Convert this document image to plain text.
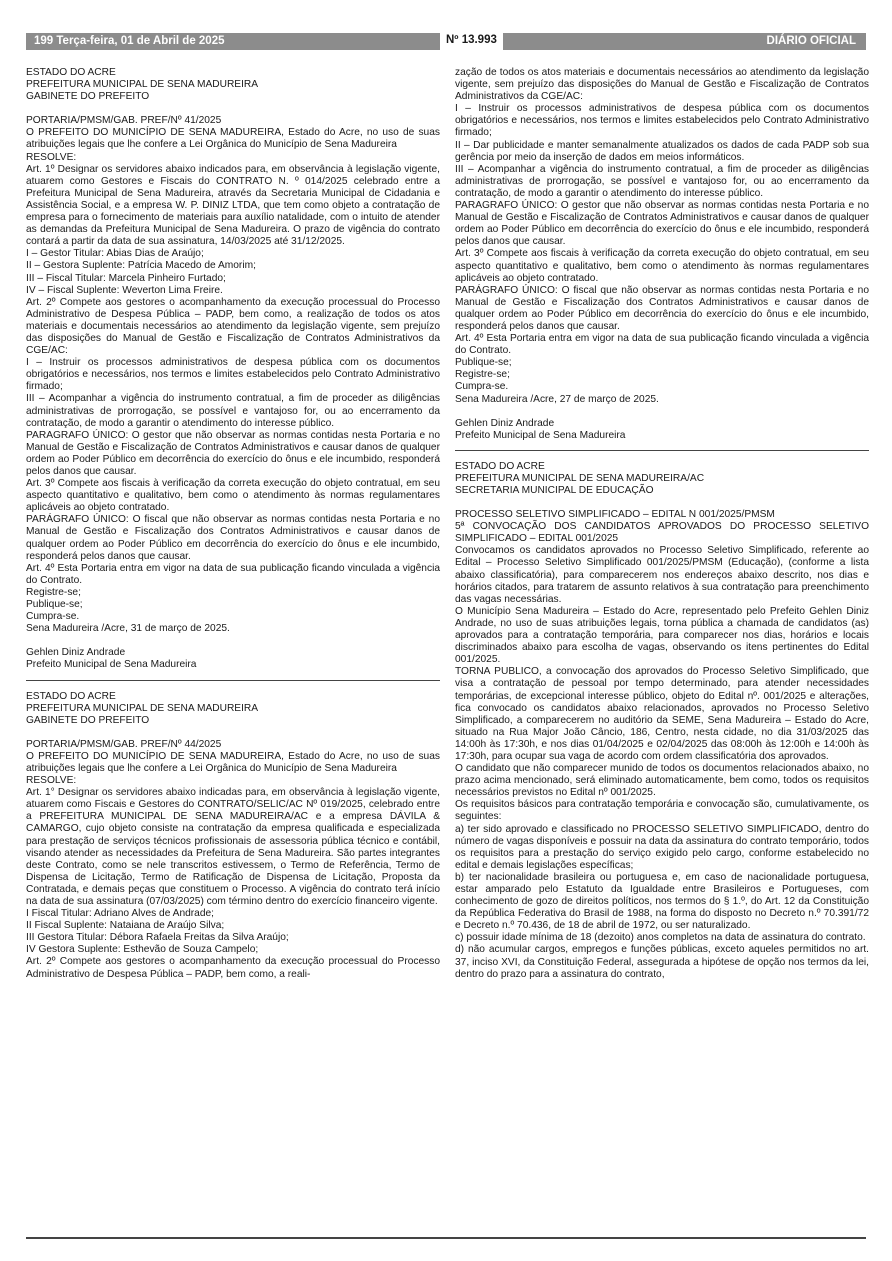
199 Terça-feira, 01 de Abril de 2025	Nº 13.993	DIÁRIO OFICIAL

ESTADO DO ACRE

PREFEITURA MUNICIPAL DE SENA MADUREIRA

GABINETE DO PREFEITO

PORTARIA/PMSM/GAB. PREF/Nº 41/2025

O PREFEITO DO MUNICÍPIO DE SENA MADUREIRA, Estado do Acre, no uso de suas atribuições legais que lhe confere a Lei Orgânica do Município de Sena Madureira

RESOLVE:

Art. 1º Designar os servidores abaixo indicados para, em observância à legislação vigente, atuarem como Gestores e Fiscais do CONTRATO N. º 014/2025 celebrado entre a Prefeitura Municipal de Sena Madureira, através da Secretaria Municipal de Cidadania e Assistência Social, e a empresa W. P. DINIZ LTDA, que tem como objeto a contratação de empresa para o fornecimento de materiais para auxílio natalidade, com o intuito de atender as demandas da Prefeitura Municipal de Sena Madureira. O prazo de vigência do contrato contará a partir da data de sua assinatura, 14/03/2025 até 31/12/2025.

I – Gestor Titular: Abias Dias de Araújo;

II – Gestora Suplente: Patrícia Macedo de Amorim;

III – Fiscal Titular: Marcela Pinheiro Furtado;

IV – Fiscal Suplente: Weverton Lima Freire.

Art. 2º Compete aos gestores o acompanhamento da execução processual do Processo Administrativo de Despesa Pública – PADP, bem como, a realização de todos os atos materiais e documentais necessários ao atendimento da legislação vigente, sem prejuízo das disposições do Manual de Gestão e Fiscalização de Contratos Administrativos da CGE/AC:

I – Instruir os processos administrativos de despesa pública com os documentos obrigatórios e necessários, nos termos e limites estabelecidos pelo Contrato Administrativo firmado;

III – Acompanhar a vigência do instrumento contratual, a fim de proceder as diligências administrativas de prorrogação, se possível e vantajoso for, ou ao encerramento da contratação, de modo a garantir o atendimento do interesse público.

PARAGRAFO ÚNICO: O gestor que não observar as normas contidas nesta Portaria e no Manual de Gestão e Fiscalização de Contratos Administrativos e causar danos de qualquer ordem ao Poder Público em decorrência do exercício do ônus e ele incumbido, responderá pelos danos que causar.

Art. 3º Compete aos fiscais à verificação da correta execução do objeto contratual, em seu aspecto quantitativo e qualitativo, bem como o atendimento às normas regulamentares aplicáveis ao objeto contratado.

PARÁGRAFO ÚNICO: O fiscal que não observar as normas contidas nesta Portaria e no Manual de Gestão e Fiscalização dos Contratos Administrativos e causar danos de qualquer ordem ao Poder Público em decorrência do exercício do ônus e ele incumbido, responderá pelos danos que causar.

Art. 4º Esta Portaria entra em vigor na data de sua publicação ficando vinculada a vigência do Contrato.

Registre-se;

Publique-se;

Cumpra-se.

Sena Madureira /Acre, 31 de março de 2025.

Gehlen Diniz Andrade

Prefeito Municipal de Sena Madureira

ESTADO DO ACRE

PREFEITURA MUNICIPAL DE SENA MADUREIRA

GABINETE DO PREFEITO

PORTARIA/PMSM/GAB. PREF/Nº 44/2025

O PREFEITO DO MUNICÍPIO DE SENA MADUREIRA, Estado do Acre, no uso de suas atribuições legais que lhe confere a Lei Orgânica do Município de Sena Madureira

RESOLVE:

Art. 1° Designar os servidores abaixo indicadas para, em observância à legislação vigente, atuarem como Fiscais e Gestores do CONTRATO/SELIC/AC Nº 019/2025, celebrado entre a PREFEITURA MUNICIPAL DE SENA MADUREIRA/AC e a empresa DÁVILA & CAMARGO, cujo objeto consiste na contratação da empresa qualificada e especializada para prestação de serviços técnicos profissionais de assessoria pública técnico e contábil, visando atender as necessidades da Prefeitura de Sena Madureira. São partes integrantes deste Contrato, como se nele transcritos estivessem, o Termo de Referência, Termo de Dispensa de Licitação, Termo de Ratificação de Dispensa de Licitação, Proposta da Contratada, e demais peças que constituem o Processo. A vigência do contrato terá início na data de sua assinatura (07/03/2025) com término dentro do exercício financeiro vigente.

I Fiscal Titular: Adriano Alves de Andrade;

II Fiscal Suplente: Nataiana de Araújo Silva;

III Gestora Titular: Débora Rafaela Freitas da Silva Araújo;

IV Gestora Suplente: Esthevão de Souza Campelo;

Art. 2º Compete aos gestores o acompanhamento da execução processual do Processo Administrativo de Despesa Pública – PADP, bem como, a reali-

zação de todos os atos materiais e documentais necessários ao atendimento da legislação vigente, sem prejuízo das disposições do Manual de Gestão e Fiscalização de Contratos Administrativos da CGE/AC:

I – Instruir os processos administrativos de despesa pública com os documentos obrigatórios e necessários, nos termos e limites estabelecidos pelo Contrato Administrativo firmado;

II – Dar publicidade e manter semanalmente atualizados os dados de cada PADP sob sua gerência por meio da inserção de dados em meios informáticos.

III – Acompanhar a vigência do instrumento contratual, a fim de proceder as diligências administrativas de prorrogação, se possível e vantajoso for, ou ao encerramento da contratação, de modo a garantir o atendimento do interesse público.

PARAGRAFO ÚNICO: O gestor que não observar as normas contidas nesta Portaria e no Manual de Gestão e Fiscalização de Contratos Administrativos e causar danos de qualquer ordem ao Poder Público em decorrência do exercício do ônus e ele incumbido, responderá pelos danos que causar.

Art. 3º Compete aos fiscais à verificação da correta execução do objeto contratual, em seu aspecto quantitativo e qualitativo, bem como o atendimento às normas regulamentares aplicáveis ao objeto contratado.

PARÁGRAFO ÚNICO: O fiscal que não observar as normas contidas nesta Portaria e no Manual de Gestão e Fiscalização dos Contratos Administrativos e causar danos de qualquer ordem ao Poder Público em decorrência do exercício do ônus e ele incumbido, responderá pelos danos que causar.

Art. 4º Esta Portaria entra em vigor na data de sua publicação ficando vinculada a vigência do Contrato.

Publique-se;

Registre-se;

Cumpra-se.

Sena Madureira /Acre, 27 de março de 2025.

Gehlen Diniz Andrade

Prefeito Municipal de Sena Madureira

ESTADO DO ACRE

PREFEITURA MUNICIPAL DE SENA MADUREIRA/AC

SECRETARIA MUNICIPAL DE EDUCAÇÃO

PROCESSO SELETIVO SIMPLIFICADO – EDITAL N 001/2025/PMSM

5ª CONVOCAÇÃO DOS CANDIDATOS APROVADOS DO PROCESSO SELETIVO SIMPLIFICADO – EDITAL 001/2025

Convocamos os candidatos aprovados no Processo Seletivo Simplificado, referente ao Edital – Processo Seletivo Simplificado 001/2025/PMSM (Educação), (conforme a lista abaixo classificatória), para comparecerem nos endereços abaixo descrito, nos dias e horários citados, para tratarem de assunto relativos à sua contratação para preenchimento das vagas necessárias.

O Município Sena Madureira – Estado do Acre, representado pelo Prefeito Gehlen Diniz Andrade, no uso de suas atribuições legais, torna pública a chamada de candidatos (as) aprovados para a contratação temporária, para comparecer nos dias, horários e locais discriminados abaixo para escolha de vagas, observando os itens pertinentes do Edital 001/2025.

TORNA PUBLICO, a convocação dos aprovados do Processo Seletivo Simplificado, que visa a contratação de pessoal por tempo determinado, para atender necessidades temporárias, de excepcional interesse público, objeto do Edital nº. 001/2025 e alterações, fica convocado os candidatos abaixo relacionados, aprovados no Processo Seletivo Simplificado, a comparecerem no auditório da SEME, Sena Madureira – Estado do Acre, situado na Rua Major João Câncio, 186, Centro, nesta cidade, no dia 31/03/2025 das 14:00h às 17:30h, e nos dias 01/04/2025 e 02/04/2025 das 08:00h às 12:00h e 14:00h às 17:30h, para ocupar sua vaga de acordo com ordem classificatória dos aprovados.

O candidato que não comparecer munido de todos os documentos relacionados abaixo, no prazo acima mencionado, será eliminado automaticamente, bem como, todos os requisitos necessários previstos no Edital nº 001/2025.

Os requisitos básicos para contratação temporária e convocação são, cumulativamente, os seguintes:

a) ter sido aprovado e classificado no PROCESSO SELETIVO SIMPLIFICADO, dentro do número de vagas disponíveis e possuir na data da assinatura do contrato temporário, todos os requisitos para a prestação do serviço exigido pelo cargo, conforme estabelecido no edital e demais legislações específicas;

b) ter nacionalidade brasileira ou portuguesa e, em caso de nacionalidade portuguesa, estar amparado pelo Estatuto da Igualdade entre Brasileiros e Portugueses, com conhecimento de gozo de direitos políticos, nos termos do § 1.º, do Art. 12 da Constituição da República Federativa do Brasil de 1988, na forma do disposto no Decreto n.º 70.391/72 e Decreto n.º 70.436, de 18 de abril de 1972, ou ser naturalizado.

c) possuir idade mínima de 18 (dezoito) anos completos na data de assinatura do contrato.

d) não acumular cargos, empregos e funções públicas, exceto aqueles permitidos no art. 37, inciso XVI, da Constituição Federal, assegurada a hipótese de opção nos termos da lei, dentro do prazo para a assinatura do contrato,
